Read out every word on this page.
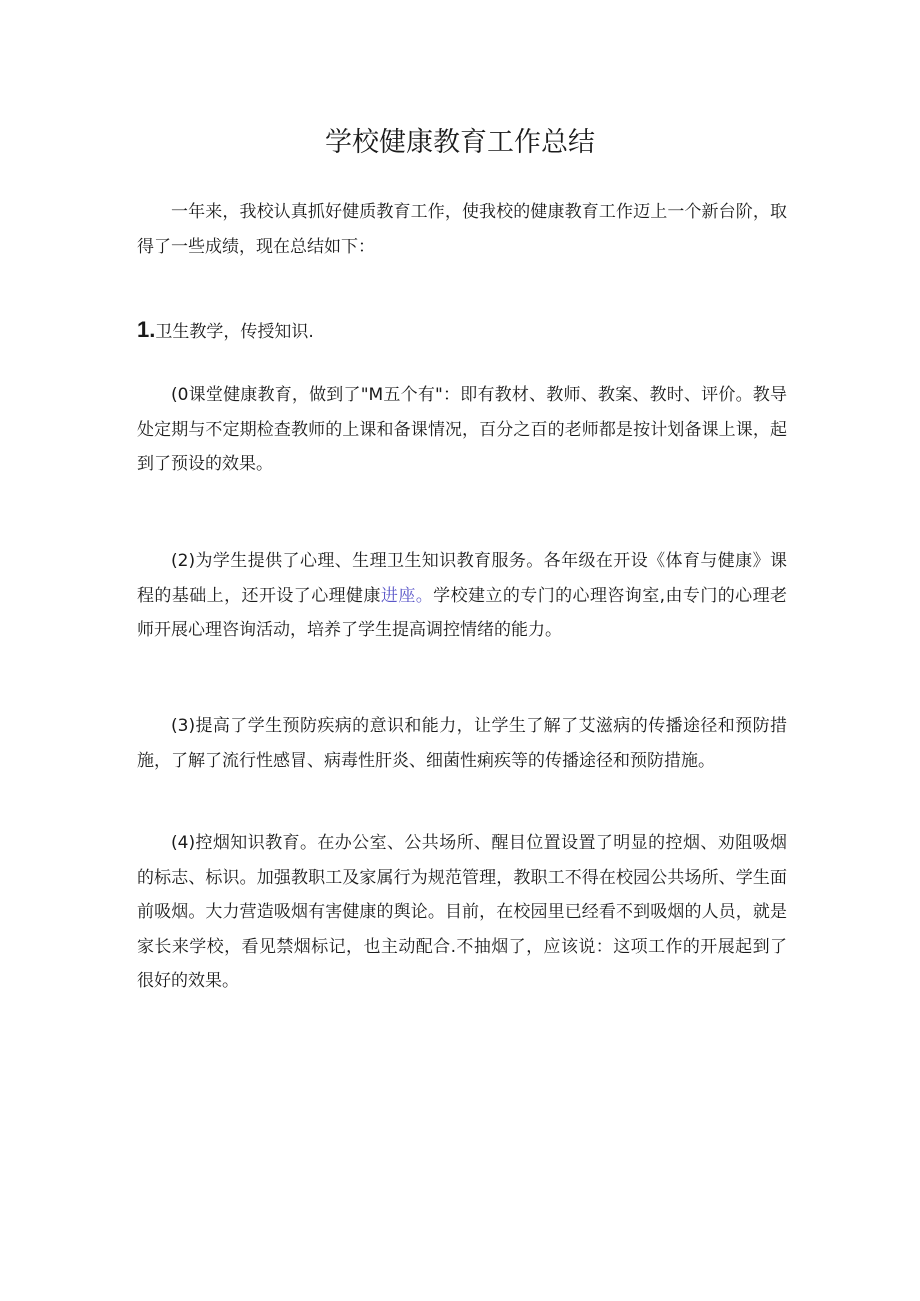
学校健康教育工作总结

一年来，我校认真抓好健质教育工作，使我校的健康教育工作迈上一个新台阶，取得了一些成绩，现在总结如下：

1.卫生教学，传授知识.

(0课堂健康教育，做到了"M五个有"：即有教材、教师、教案、教时、评价。教导处定期与不定期检查教师的上课和备课情况，百分之百的老师都是按计划备课上课，起到了预设的效果。

(2)为学生提供了心理、生理卫生知识教育服务。各年级在开设《体育与健康》课程的基础上，还开设了心理健康进座。学校建立的专门的心理咨询室,由专门的心理老师开展心理咨询活动，培养了学生提高调控情绪的能力。

(3)提高了学生预防疾病的意识和能力，让学生了解了艾滋病的传播途径和预防措施，了解了流行性感冒、病毒性肝炎、细菌性痢疾等的传播途径和预防措施。

(4)控烟知识教育。在办公室、公共场所、醒目位置设置了明显的控烟、劝阻吸烟的标志、标识。加强教职工及家属行为规范管理，教职工不得在校园公共场所、学生面前吸烟。大力营造吸烟有害健康的舆论。目前，在校园里已经看不到吸烟的人员，就是家长来学校，看见禁烟标记，也主动配合.不抽烟了，应该说：这项工作的开展起到了很好的效果。
